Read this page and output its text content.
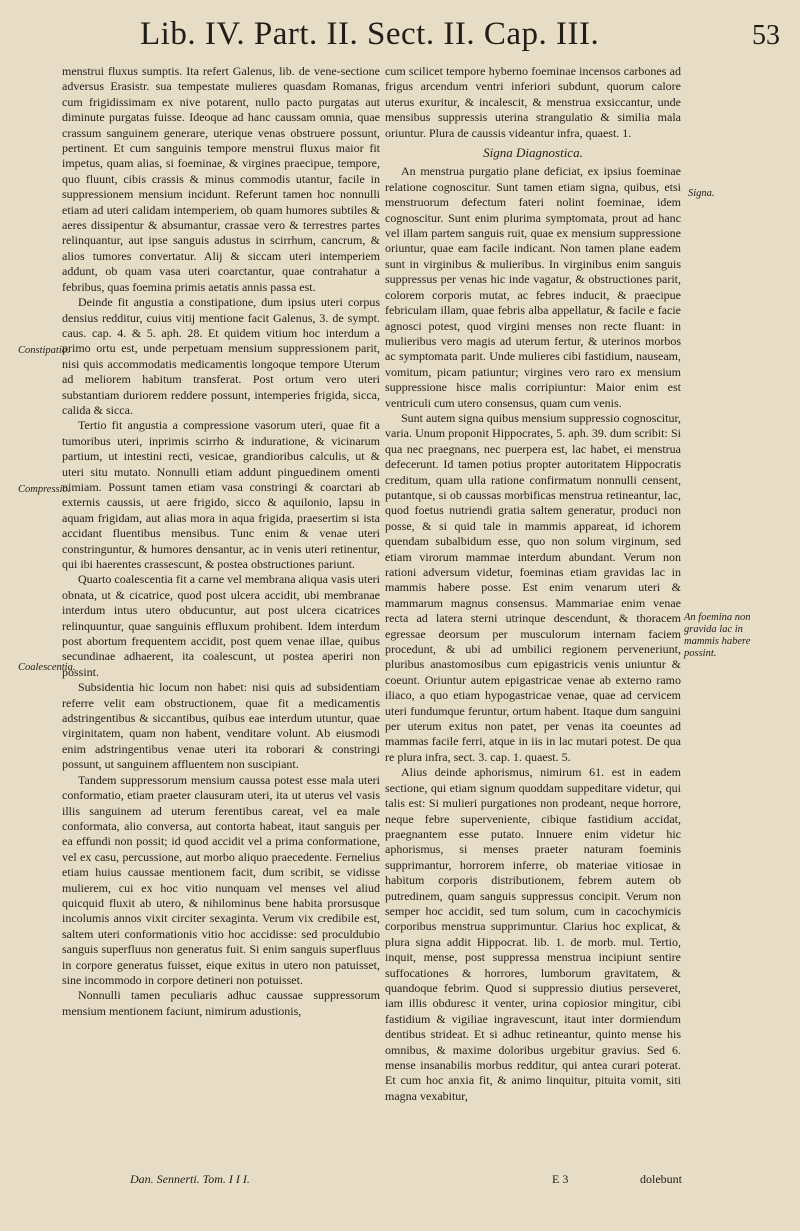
Lib. IV. Part. II. Sect. II. Cap. III.	53

menstrui fluxus sumptis. Ita refert Galenus, lib. de vene-sectione adversus Erasistr. sua tempestate mulieres quasdam Romanas, cum frigidissimam ex nive potarent, nullo pacto purgatas aut diminute purgatas fuisse. Ideoque ad hanc caussam omnia, quae crassum sanguinem generare, uterique venas obstruere possunt, pertinent. Et cum sanguinis tempore menstrui fluxus maior fit impetus, quam alias, si foeminae, & virgines praecipue, tempore, quo fluunt, cibis crassis & minus commodis utantur, facile in suppressionem mensium incidunt. Referunt tamen hoc nonnulli etiam ad uteri calidam intemperiem, ob quam humores subtiles & aeres dissipentur & absumantur, crassae vero & terrestres partes relinquantur, aut ipse sanguis adustus in scirrhum, cancrum, & alios tumores convertatur. Alij & siccam uteri intemperiem addunt, ob quam vasa uteri coarctantur, quae contrahatur a febribus, quas foemina primis aetatis annis passa est.

Deinde fit angustia a constipatione, dum ipsius uteri corpus densius redditur, cuius vitij mentione facit Galenus, 3. de sympt. caus. cap. 4. & 5. aph. 28. Et quidem vitium hoc interdum a primo ortu est, unde perpetuam mensium suppressionem parit, nisi quis accommodatis medicamentis longoque tempore Uterum ad meliorem habitum transferat. Post ortum vero uteri substantiam duriorem reddere possunt, intemperies frigida, sicca, calida & sicca.

Tertio fit angustia a compressione vasorum uteri, quae fit a tumoribus uteri, inprimis scirrho & induratione, & vicinarum partium, ut intestini recti, vesicae, grandioribus calculis, ut & uteri situ mutato. Nonnulli etiam addunt pinguedinem omenti nimiam. Possunt tamen etiam vasa constringi & coarctari ab externis caussis, ut aere frigido, sicco & aquilonio, lapsu in aquam frigidam, aut alias mora in aqua frigida, praesertim si ista accidant fluentibus mensibus. Tunc enim & venae uteri constringuntur, & humores densantur, ac in venis uteri retinentur, qui ibi haerentes crassescunt, & postea obstructiones pariunt.

Quarto coalescentia fit a carne vel membrana aliqua vasis uteri obnata, ut & cicatrice, quod post ulcera accidit, ubi membranae interdum intus utero obducuntur, aut post ulcera cicatrices relinquuntur, quae sanguinis effluxum prohibent. Idem interdum post abortum frequentem accidit, post quem venae illae, quibus secundinae adhaerent, ita coalescunt, ut postea aperiri non possint.

Subsidentia hic locum non habet: nisi quis ad subsidentiam referre velit eam obstructionem, quae fit a medicamentis adstringentibus & siccantibus, quibus eae interdum utuntur, quae virginitatem, quam non habent, venditare volunt. Ab eiusmodi enim adstringentibus venae uteri ita roborari & constringi possunt, ut sanguinem affluentem non suscipiant.

Tandem suppressorum mensium caussa potest esse mala uteri conformatio, etiam praeter clausuram uteri, ita ut uterus vel vasis illis sanguinem ad uterum ferentibus careat, vel ea male conformata, alio conversa, aut contorta habeat, itaut sanguis per ea effundi non possit; id quod accidit vel a prima conformatione, vel ex casu, percussione, aut morbo aliquo praecedente. Fernelius etiam huius caussae mentionem facit, dum scribit, se vidisse mulierem, cui ex hoc vitio nunquam vel menses vel aliud quicquid fluxit ab utero, & nihilominus bene habita prorsusque incolumis annos vixit circiter sexaginta. Verum vix credibile est, saltem uteri conformationis vitio hoc accidisse: sed proculdubio sanguis superfluus non generatus fuit. Si enim sanguis superfluus in corpore generatus fuisset, eique exitus in utero non patuisset, sine incommodo in corpore detineri non potuisset.

Nonnulli tamen peculiaris adhuc caussae suppressorum mensium mentionem faciunt, nimirum adustionis,

cum scilicet tempore hyberno foeminae incensos carbones ad frigus arcendum ventri inferiori subdunt, quorum calore uterus exuritur, & incalescit, & menstrua exsiccantur, unde mensibus suppressis uterina strangulatio & similia mala oriuntur. Plura de caussis videantur infra, quaest. 1.

Signa Diagnostica.

An menstrua purgatio plane deficiat, ex ipsius foeminae relatione cognoscitur. Sunt tamen etiam signa, quibus, etsi menstruorum defectum fateri nolint foeminae, idem cognoscitur. Sunt enim plurima symptomata, prout ad hanc vel illam partem sanguis ruit, quae ex mensium suppressione oriuntur, quae eam facile indicant. Non tamen plane eadem sunt in virginibus & mulieribus. In virginibus enim sanguis suppressus per venas hic inde vagatur, & obstructiones parit, colorem corporis mutat, ac febres inducit, & praecipue febriculam illam, quae febris alba appellatur, & facile e facie agnosci potest, quod virgini menses non recte fluant: in mulieribus vero magis ad uterum fertur, & uterinos morbos ac symptomata parit. Unde mulieres cibi fastidium, nauseam, vomitum, picam patiuntur; virgines vero raro ex mensium suppressione hisce malis corripiuntur: Maior enim est ventriculi cum utero consensus, quam cum venis.

Sunt autem signa quibus mensium suppressio cognoscitur, varia. Unum proponit Hippocrates, 5. aph. 39. dum scribit: Si qua nec praegnans, nec puerpera est, lac habet, ei menstrua defecerunt. Id tamen potius propter autoritatem Hippocratis creditum, quam ulla ratione confirmatum nonnulli censent, putantque, si ob caussas morbificas menstrua retineantur, lac, quod foetus nutriendi gratia saltem generatur, produci non posse, & si quid tale in mammis appareat, id ichorem quendam subalbidum esse, quo non solum virginum, sed etiam virorum mammae interdum abundant. Verum non rationi adversum videtur, foeminas etiam gravidas lac in mammis habere posse. Est enim venarum uteri & mammarum magnus consensus. Mammariae enim venae recta ad latera sterni utrinque descendunt, & thoracem egressae deorsum per musculorum internam faciem procedunt, & ubi ad umbilici regionem perveneriunt, pluribus anastomosibus cum epigastricis venis uniuntur & coeunt. Oriuntur autem epigastricae venae ab externo ramo iliaco, a quo etiam hypogastricae venae, quae ad cervicem uteri fundumque feruntur, ortum habent. Itaque dum sanguini per uterum exitus non patet, per venas ita coeuntes ad mammas facile ferri, atque in iis in lac mutari potest. De qua re plura infra, sect. 3. cap. 1. quaest. 5.

Alius deinde aphorismus, nimirum 61. est in eadem sectione, qui etiam signum quoddam suppeditare videtur, qui talis est: Si mulieri purgationes non prodeant, neque horrore, neque febre superveniente, cibique fastidium accidat, praegnantem esse putato. Innuere enim videtur hic aphorismus, si menses praeter naturam foeminis supprimantur, horrorem inferre, ob materiae vitiosae in habitum corporis distributionem, febrem autem ob putredinem, quam sanguis suppressus concipit. Verum non semper hoc accidit, sed tum solum, cum in cacochymicis corporibus menstrua supprimuntur. Clarius hoc explicat, & plura signa addit Hippocrat. lib. 1. de morb. mul. Tertio, inquit, mense, post suppressa menstrua incipiunt sentire suffocationes & horrores, lumborum gravitatem, & quandoque febrim. Quod si suppressio diutius perseveret, iam illis obduresc it venter, urina copiosior mingitur, cibi fastidium & vigiliae ingravescunt, itaut inter dormiendum dentibus strideat. Et si adhuc retineantur, quinto mense his omnibus, & maxime doloribus urgebitur gravius. Sed 6. mense insanabilis morbus redditur, qui antea curari poterat. Et cum hoc anxia fit, & animo linquitur, pituita vomit, siti magna vexabitur,

Constipatio.
Compressio.
Coalescentia.
Signa.
An foemina non gravida lac in mammis habere possint.
Dan. Sennerti. Tom. I I I.	E 3	dolebunt
